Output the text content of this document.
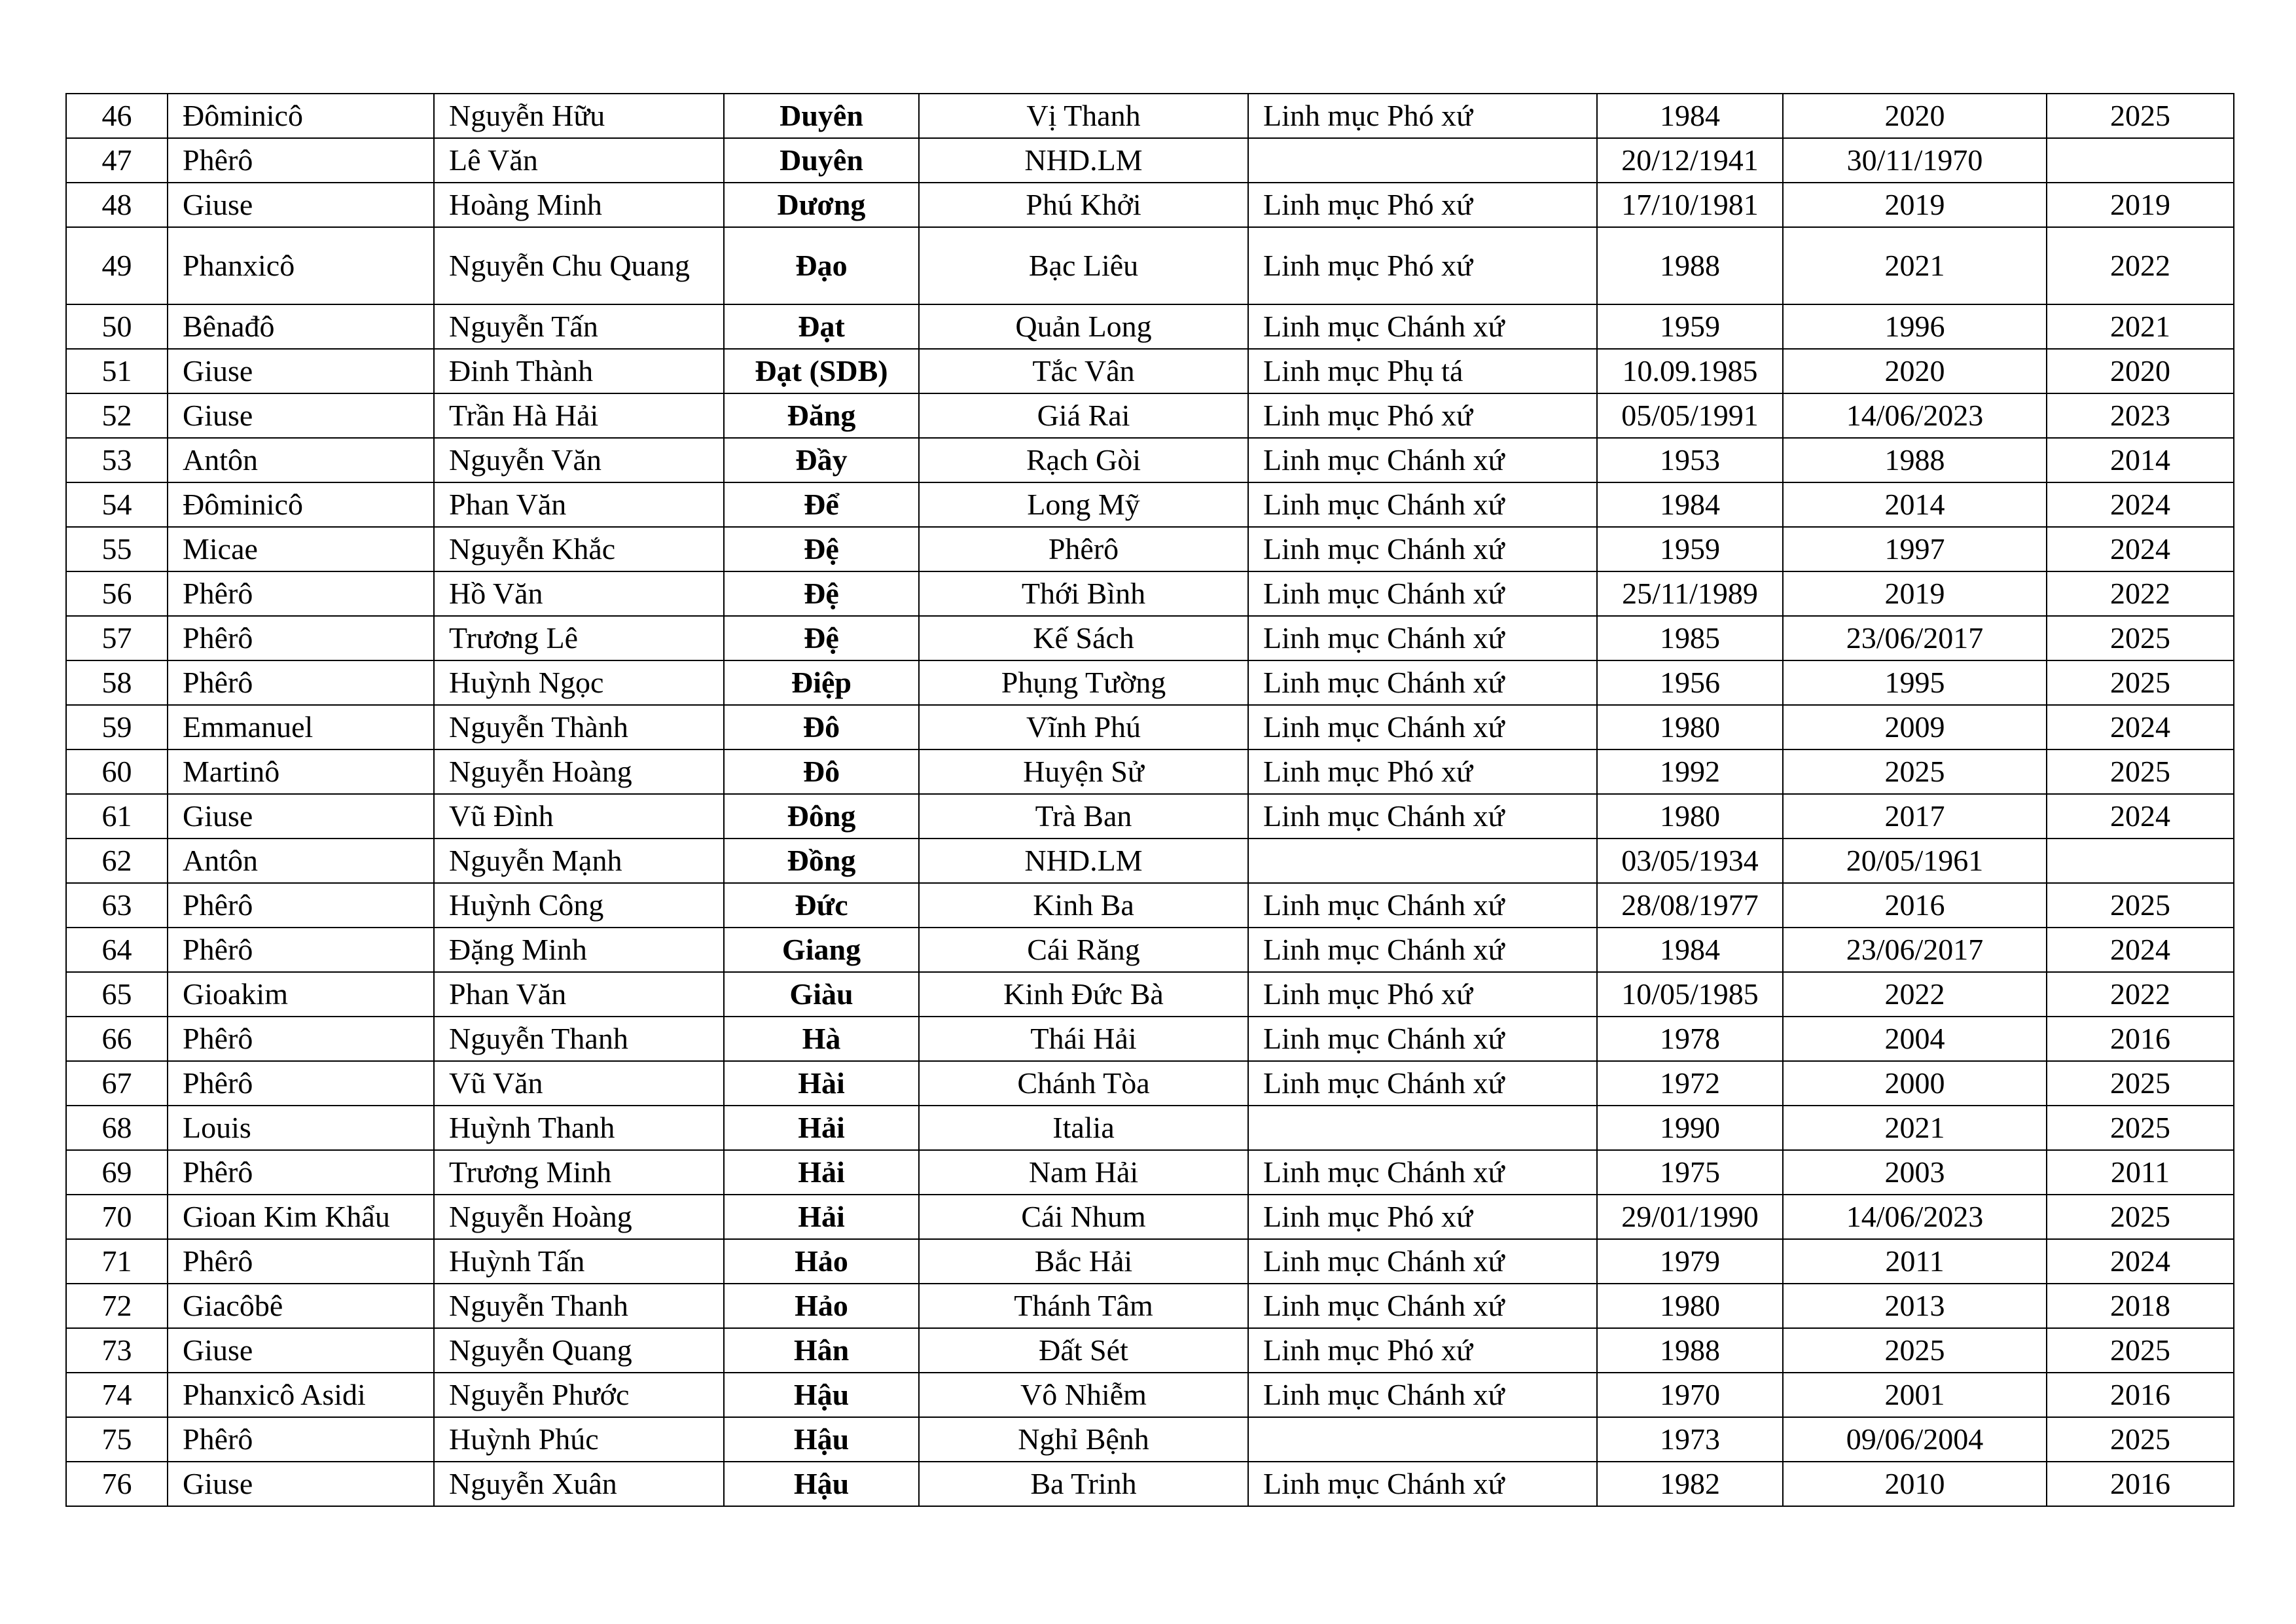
46	Đôminicô	Nguyễn Hữu	Duyên	Vị Thanh	Linh mục Phó xứ	1984	2020	2025
47	Phêrô	Lê Văn	Duyên	NHD.LM		20/12/1941	30/11/1970	
48	Giuse	Hoàng Minh	Dương	Phú Khởi	Linh mục Phó xứ	17/10/1981	2019	2019
49	Phanxicô	Nguyễn Chu Quang	Đạo	Bạc Liêu	Linh mục Phó xứ	1988	2021	2022
50	Bênađô	Nguyễn Tấn	Đạt	Quản Long	Linh mục Chánh xứ	1959	1996	2021
51	Giuse	Đinh Thành	Đạt (SDB)	Tắc Vân	Linh mục Phụ tá	10.09.1985	2020	2020
52	Giuse	Trần Hà Hải	Đăng	Giá Rai	Linh mục Phó xứ	05/05/1991	14/06/2023	2023
53	Antôn	Nguyễn Văn	Đầy	Rạch Gòi	Linh mục Chánh xứ	1953	1988	2014
54	Đôminicô	Phan Văn	Để	Long Mỹ	Linh mục Chánh xứ	1984	2014	2024
55	Micae	Nguyễn Khắc	Đệ	Phêrô	Linh mục Chánh xứ	1959	1997	2024
56	Phêrô	Hồ Văn	Đệ	Thới Bình	Linh mục Chánh xứ	25/11/1989	2019	2022
57	Phêrô	Trương Lê	Đệ	Kế Sách	Linh mục Chánh xứ	1985	23/06/2017	2025
58	Phêrô	Huỳnh Ngọc	Điệp	Phụng Tường	Linh mục Chánh xứ	1956	1995	2025
59	Emmanuel	Nguyễn Thành	Đô	Vĩnh Phú	Linh mục Chánh xứ	1980	2009	2024
60	Martinô	Nguyễn Hoàng	Đô	Huyện Sử	Linh mục Phó xứ	1992	2025	2025
61	Giuse	Vũ Đình	Đông	Trà Ban	Linh mục Chánh xứ	1980	2017	2024
62	Antôn	Nguyễn Mạnh	Đồng	NHD.LM		03/05/1934	20/05/1961	
63	Phêrô	Huỳnh Công	Đức	Kinh Ba	Linh mục Chánh xứ	28/08/1977	2016	2025
64	Phêrô	Đặng Minh	Giang	Cái Răng	Linh mục Chánh xứ	1984	23/06/2017	2024
65	Gioakim	Phan Văn	Giàu	Kinh Đức Bà	Linh mục Phó xứ	10/05/1985	2022	2022
66	Phêrô	Nguyễn Thanh	Hà	Thái Hải	Linh mục Chánh xứ	1978	2004	2016
67	Phêrô	Vũ Văn	Hài	Chánh Tòa	Linh mục Chánh xứ	1972	2000	2025
68	Louis	Huỳnh Thanh	Hải	Italia		1990	2021	2025
69	Phêrô	Trương Minh	Hải	Nam Hải	Linh mục Chánh xứ	1975	2003	2011
70	Gioan Kim Khẩu	Nguyễn Hoàng	Hải	Cái Nhum	Linh mục Phó xứ	29/01/1990	14/06/2023	2025
71	Phêrô	Huỳnh Tấn	Hảo	Bắc Hải	Linh mục Chánh xứ	1979	2011	2024
72	Giacôbê	Nguyễn Thanh	Hảo	Thánh Tâm	Linh mục Chánh xứ	1980	2013	2018
73	Giuse	Nguyễn Quang	Hân	Đất Sét	Linh mục Phó xứ	1988	2025	2025
74	Phanxicô Asidi	Nguyễn Phước	Hậu	Vô Nhiễm	Linh mục Chánh xứ	1970	2001	2016
75	Phêrô	Huỳnh Phúc	Hậu	Nghỉ Bệnh		1973	09/06/2004	2025
76	Giuse	Nguyễn Xuân	Hậu	Ba Trinh	Linh mục Chánh xứ	1982	2010	2016
